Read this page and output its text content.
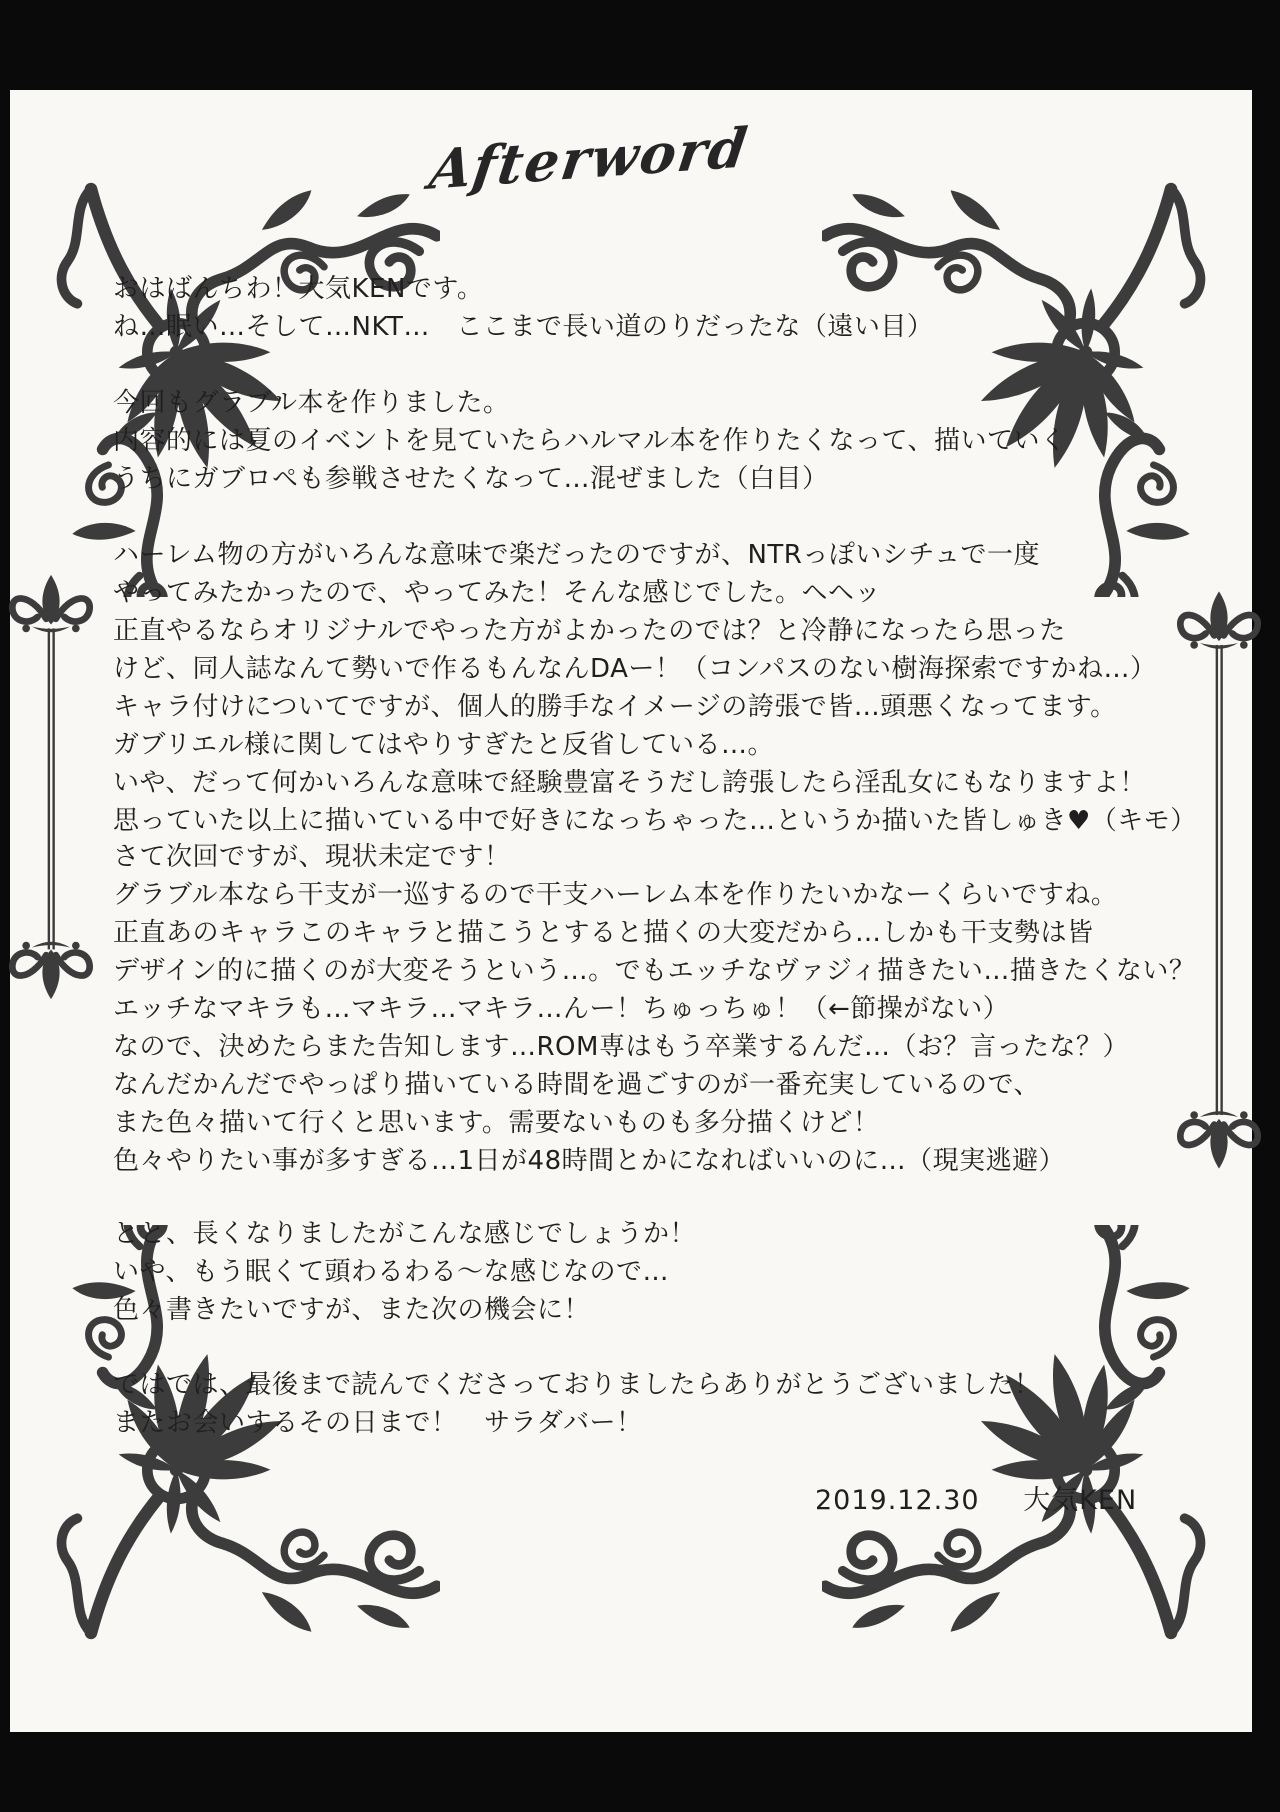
Afterword

おはばんちわ！大気KENです。
ね…眠い…そして…NKT…　ここまで長い道のりだったな（遠い目）

今回もグラブル本を作りました。
内容的には夏のイベントを見ていたらハルマル本を作りたくなって、描いていく
うちにガブロペも参戦させたくなって…混ぜました（白目）

ハーレム物の方がいろんな意味で楽だったのですが、NTRっぽいシチュで一度
やってみたかったので、やってみた！そんな感じでした。ヘヘッ
正直やるならオリジナルでやった方がよかったのでは？と冷静になったら思った
けど、同人誌なんて勢いで作るもんなんDAー！（コンパスのない樹海探索ですかね…）

キャラ付けについてですが、個人的勝手なイメージの誇張で皆…頭悪くなってます。
ガブリエル様に関してはやりすぎたと反省している…。
いや、だって何かいろんな意味で経験豊富そうだし誇張したら淫乱女にもなりますよ！
思っていた以上に描いている中で好きになっちゃった…というか描いた皆しゅき♥（キモ）

さて次回ですが、現状未定です！
グラブル本なら干支が一巡するので干支ハーレム本を作りたいかなーくらいですね。
正直あのキャラこのキャラと描こうとすると描くの大変だから…しかも干支勢は皆
デザイン的に描くのが大変そうという…。でもエッチなヴァジィ描きたい…描きたくない？
エッチなマキラも…マキラ…マキラ…んー！ちゅっちゅ！（←節操がない）

なので、決めたらまた告知します…ROM専はもう卒業するんだ…（お？言ったな？）
なんだかんだでやっぱり描いている時間を過ごすのが一番充実しているので、
また色々描いて行くと思います。需要ないものも多分描くけど！
色々やりたい事が多すぎる…1日が48時間とかになればいいのに…（現実逃避）

とと、長くなりましたがこんな感じでしょうか！
いや、もう眠くて頭わるわる～な感じなので…
色々書きたいですが、また次の機会に！

ではでは、最後まで読んでくださっておりましたらありがとうございました！
またお会いするその日まで！　サラダバー！

2019.12.30 大気KEN
